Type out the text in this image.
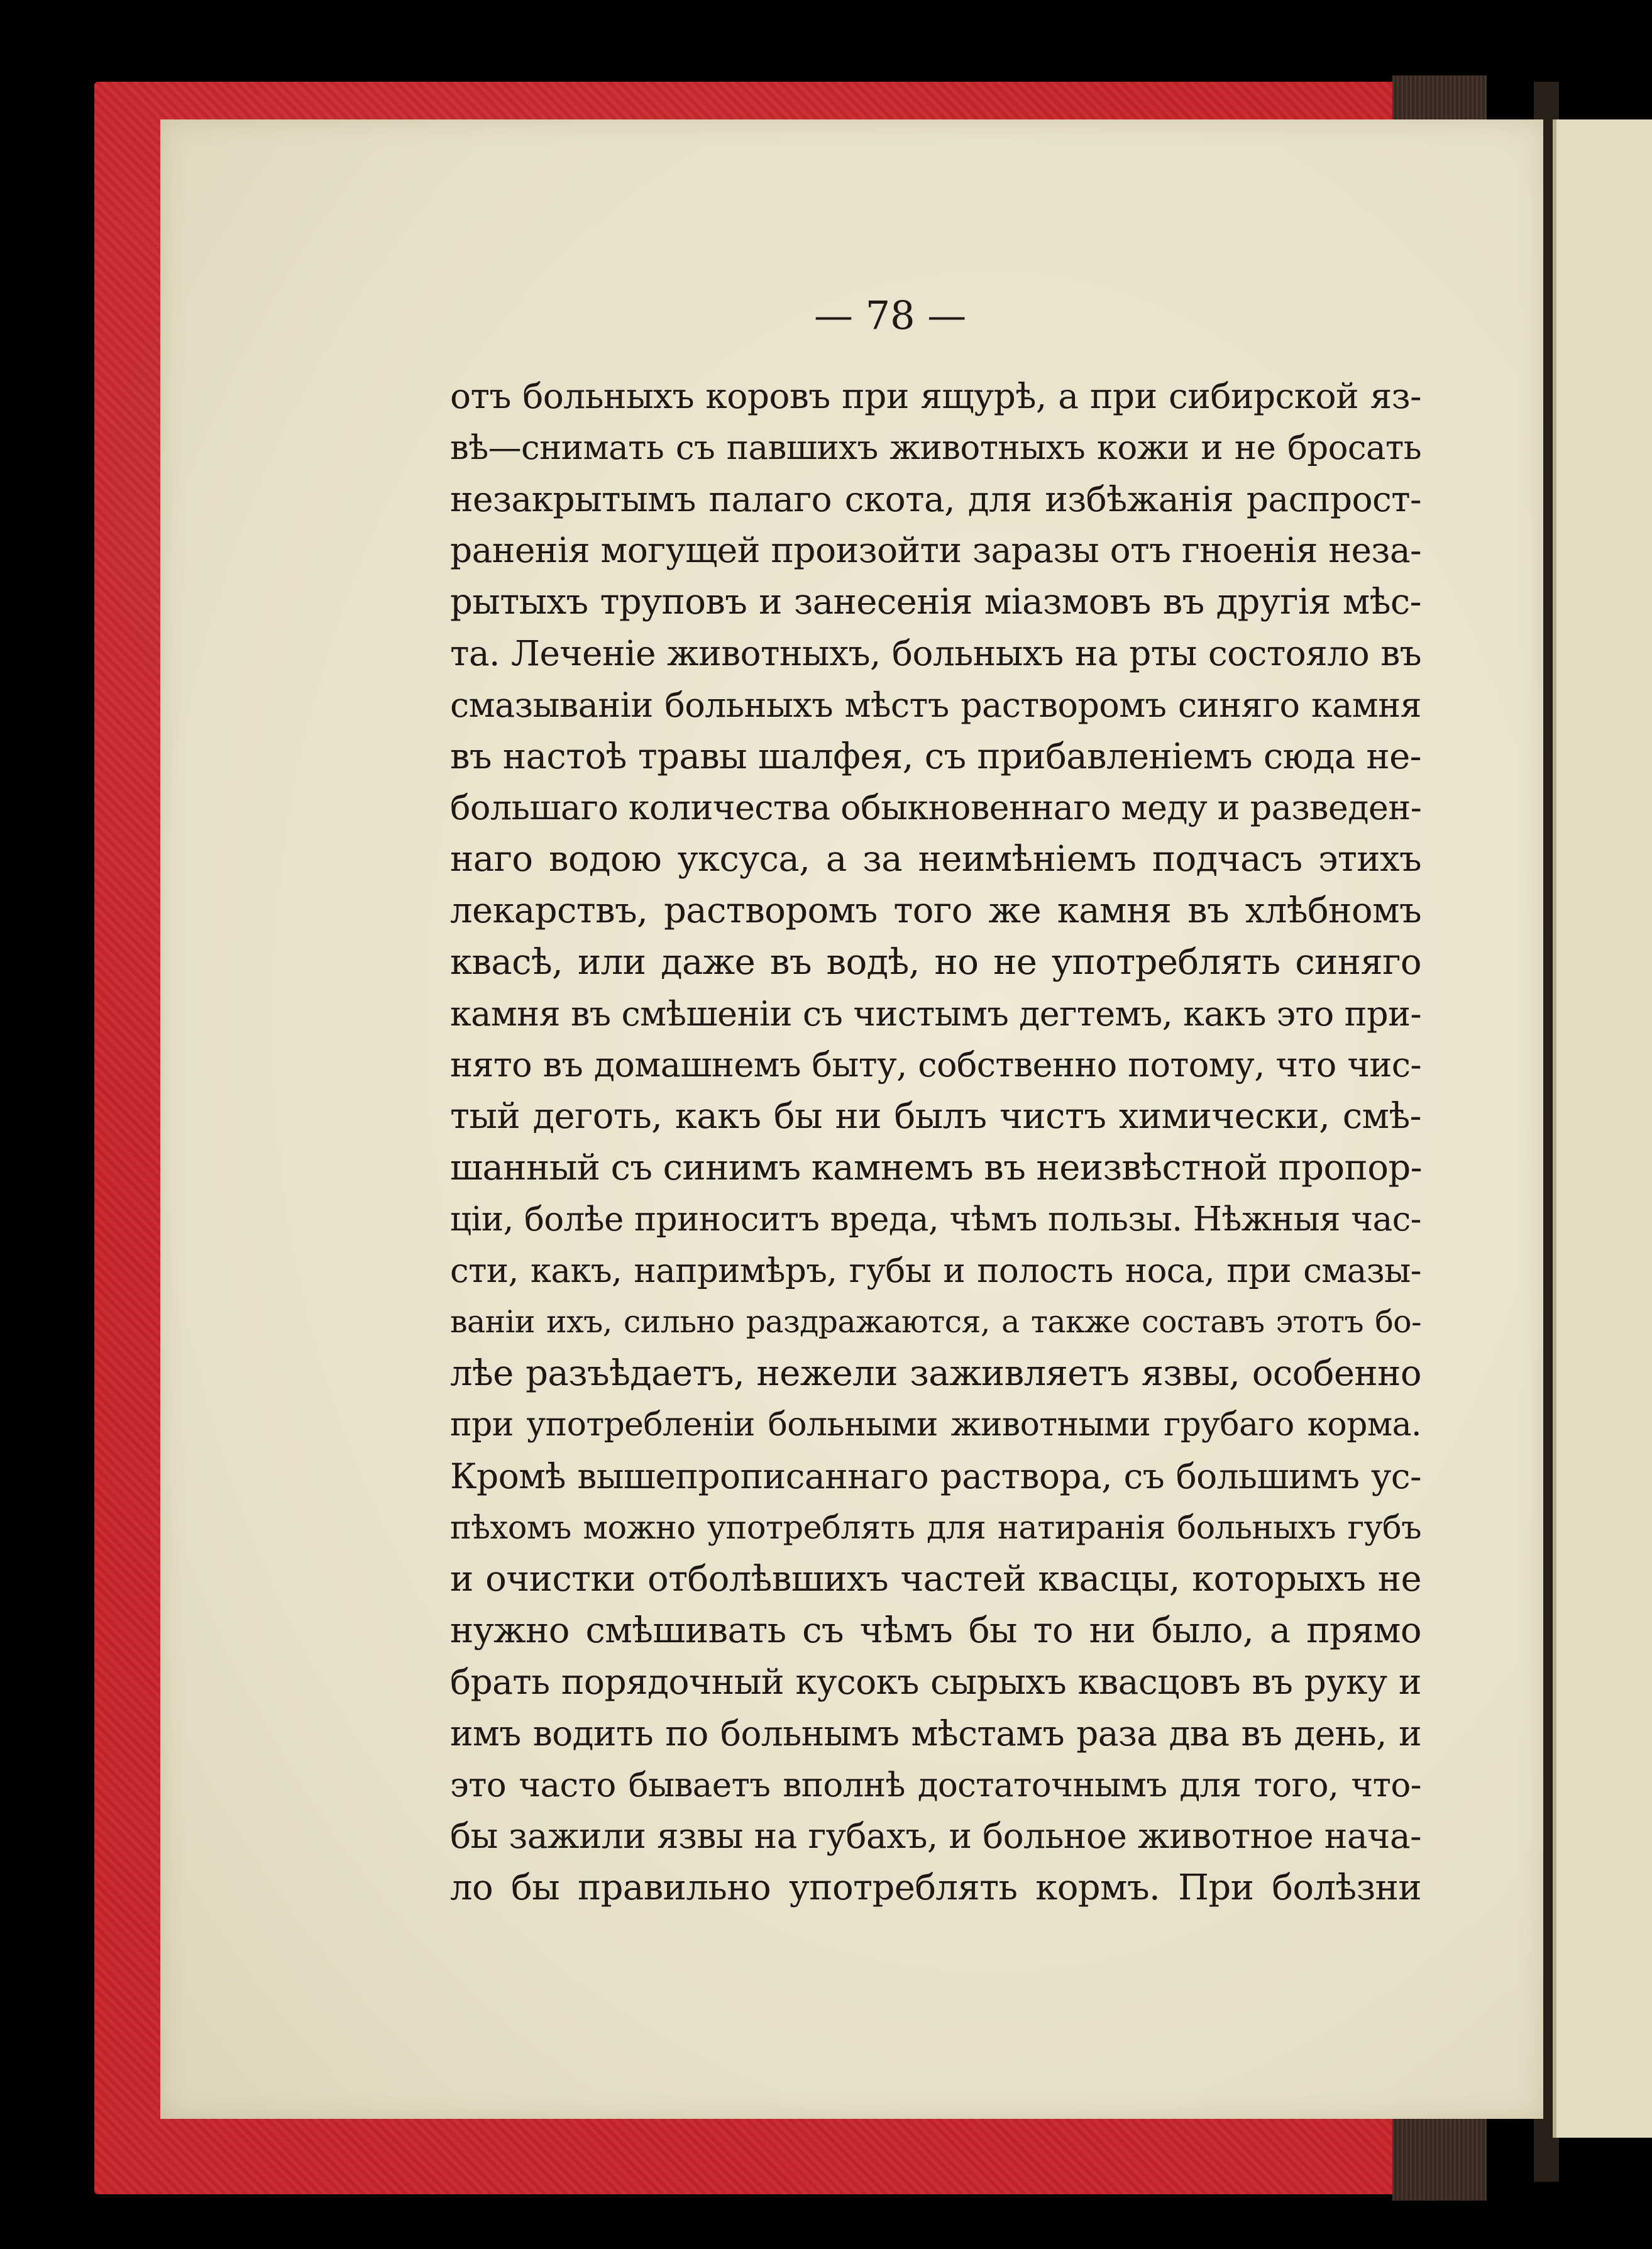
— 78 —
отъ больныхъ коровъ при ящурѣ, а при сибирской яз-
вѣ—снимать съ павшихъ животныхъ кожи и не бросать
незакрытымъ палаго скота, для избѣжанія распрост-
раненія могущей произойти заразы отъ гноенія неза-
рытыхъ труповъ и занесенія міазмовъ въ другія мѣс-
та. Леченіе животныхъ, больныхъ на рты состояло въ
смазываніи больныхъ мѣстъ растворомъ синяго камня
въ настоѣ травы шалфея, съ прибавленіемъ сюда не-
большаго количества обыкновеннаго меду и разведен-
наго водою уксуса, а за неимѣніемъ подчасъ этихъ
лекарствъ, растворомъ того же камня въ хлѣбномъ
квасѣ, или даже въ водѣ, но не употреблять синяго
камня въ смѣшеніи съ чистымъ дегтемъ, какъ это при-
нято въ домашнемъ быту, собственно потому, что чис-
тый деготь, какъ бы ни былъ чистъ химически, смѣ-
шанный съ синимъ камнемъ въ неизвѣстной пропор-
ціи, болѣе приноситъ вреда, чѣмъ пользы. Нѣжныя час-
сти, какъ, напримѣръ, губы и полость носа, при смазы-
ваніи ихъ, сильно раздражаются, а также составъ этотъ бо-
лѣе разъѣдаетъ, нежели заживляетъ язвы, особенно
при употребленіи больными животными грубаго корма.
Кромѣ вышепрописаннаго раствора, съ большимъ ус-
пѣхомъ можно употреблять для натиранія больныхъ губъ
и очистки отболѣвшихъ частей квасцы, которыхъ не
нужно смѣшивать съ чѣмъ бы то ни было, а прямо
брать порядочный кусокъ сырыхъ квасцовъ въ руку и
имъ водить по больнымъ мѣстамъ раза два въ день, и
это часто бываетъ вполнѣ достаточнымъ для того, что-
бы зажили язвы на губахъ, и больное животное нача-
ло бы правильно употреблять кормъ. При болѣзни
